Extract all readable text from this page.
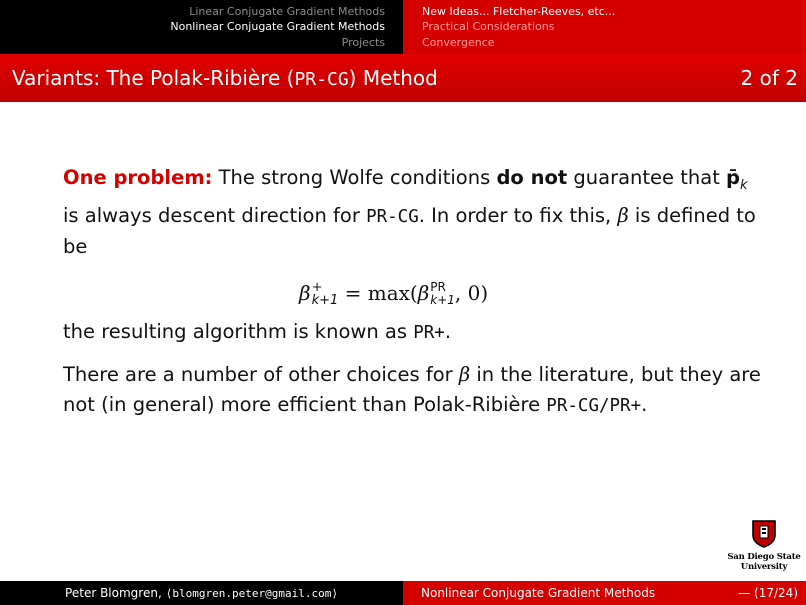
Linear Conjugate Gradient Methods
Nonlinear Conjugate Gradient Methods
Projects
New Ideas... Fletcher-Reeves, etc...
Practical Considerations
Convergence
Variants: The Polak-Ribière (PR-CG) Method	2 of 2

One problem: The strong Wolfe conditions do not guarantee that $p̄_k$ is always descent direction for PR-CG. In order to fix this, β is defined to be

β +
k+1 = max(β PR
k+1 , 0)

the resulting algorithm is known as PR+.

There are a number of other choices for β in the literature, but they are not (in general) more efficient than Polak-Ribière PR-CG/PR+.

San Diego State
University
Peter Blomgren, ⟨blomgren.peter@gmail.com⟩	Nonlinear Conjugate Gradient Methods	— (17/24)
